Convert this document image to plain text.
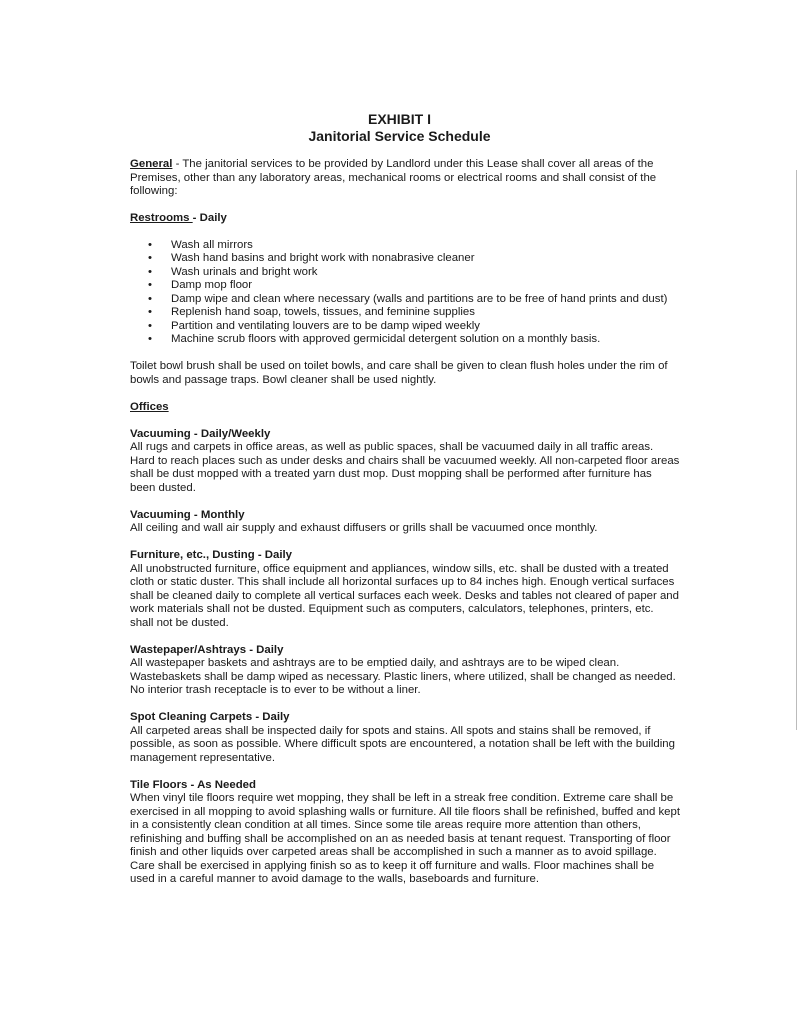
EXHIBIT I
Janitorial Service Schedule

General - The janitorial services to be provided by Landlord under this Lease shall cover all areas of the Premises, other than any laboratory areas, mechanical rooms or electrical rooms and shall consist of the following:

Restrooms - Daily

• Wash all mirrors
• Wash hand basins and bright work with nonabrasive cleaner
• Wash urinals and bright work
• Damp mop floor
• Damp wipe and clean where necessary (walls and partitions are to be free of hand prints and dust)
• Replenish hand soap, towels, tissues, and feminine supplies
• Partition and ventilating louvers are to be damp wiped weekly
• Machine scrub floors with approved germicidal detergent solution on a monthly basis.

Toilet bowl brush shall be used on toilet bowls, and care shall be given to clean flush holes under the rim of bowls and passage traps. Bowl cleaner shall be used nightly.

Offices

Vacuuming - Daily/Weekly

All rugs and carpets in office areas, as well as public spaces, shall be vacuumed daily in all traffic areas. Hard to reach places such as under desks and chairs shall be vacuumed weekly. All non-carpeted floor areas shall be dust mopped with a treated yarn dust mop. Dust mopping shall be performed after furniture has been dusted.

Vacuuming - Monthly

All ceiling and wall air supply and exhaust diffusers or grills shall be vacuumed once monthly.

Furniture, etc., Dusting - Daily

All unobstructed furniture, office equipment and appliances, window sills, etc. shall be dusted with a treated cloth or static duster. This shall include all horizontal surfaces up to 84 inches high. Enough vertical surfaces shall be cleaned daily to complete all vertical surfaces each week. Desks and tables not cleared of paper and work materials shall not be dusted. Equipment such as computers, calculators, telephones, printers, etc. shall not be dusted.

Wastepaper/Ashtrays - Daily

All wastepaper baskets and ashtrays are to be emptied daily, and ashtrays are to be wiped clean. Wastebaskets shall be damp wiped as necessary. Plastic liners, where utilized, shall be changed as needed. No interior trash receptacle is to ever to be without a liner.

Spot Cleaning Carpets - Daily

All carpeted areas shall be inspected daily for spots and stains. All spots and stains shall be removed, if possible, as soon as possible. Where difficult spots are encountered, a notation shall be left with the building management representative.

Tile Floors - As Needed

When vinyl tile floors require wet mopping, they shall be left in a streak free condition. Extreme care shall be exercised in all mopping to avoid splashing walls or furniture. All tile floors shall be refinished, buffed and kept in a consistently clean condition at all times. Since some tile areas require more attention than others, refinishing and buffing shall be accomplished on an as needed basis at tenant request. Transporting of floor finish and other liquids over carpeted areas shall be accomplished in such a manner as to avoid spillage. Care shall be exercised in applying finish so as to keep it off furniture and walls. Floor machines shall be used in a careful manner to avoid damage to the walls, baseboards and furniture.
